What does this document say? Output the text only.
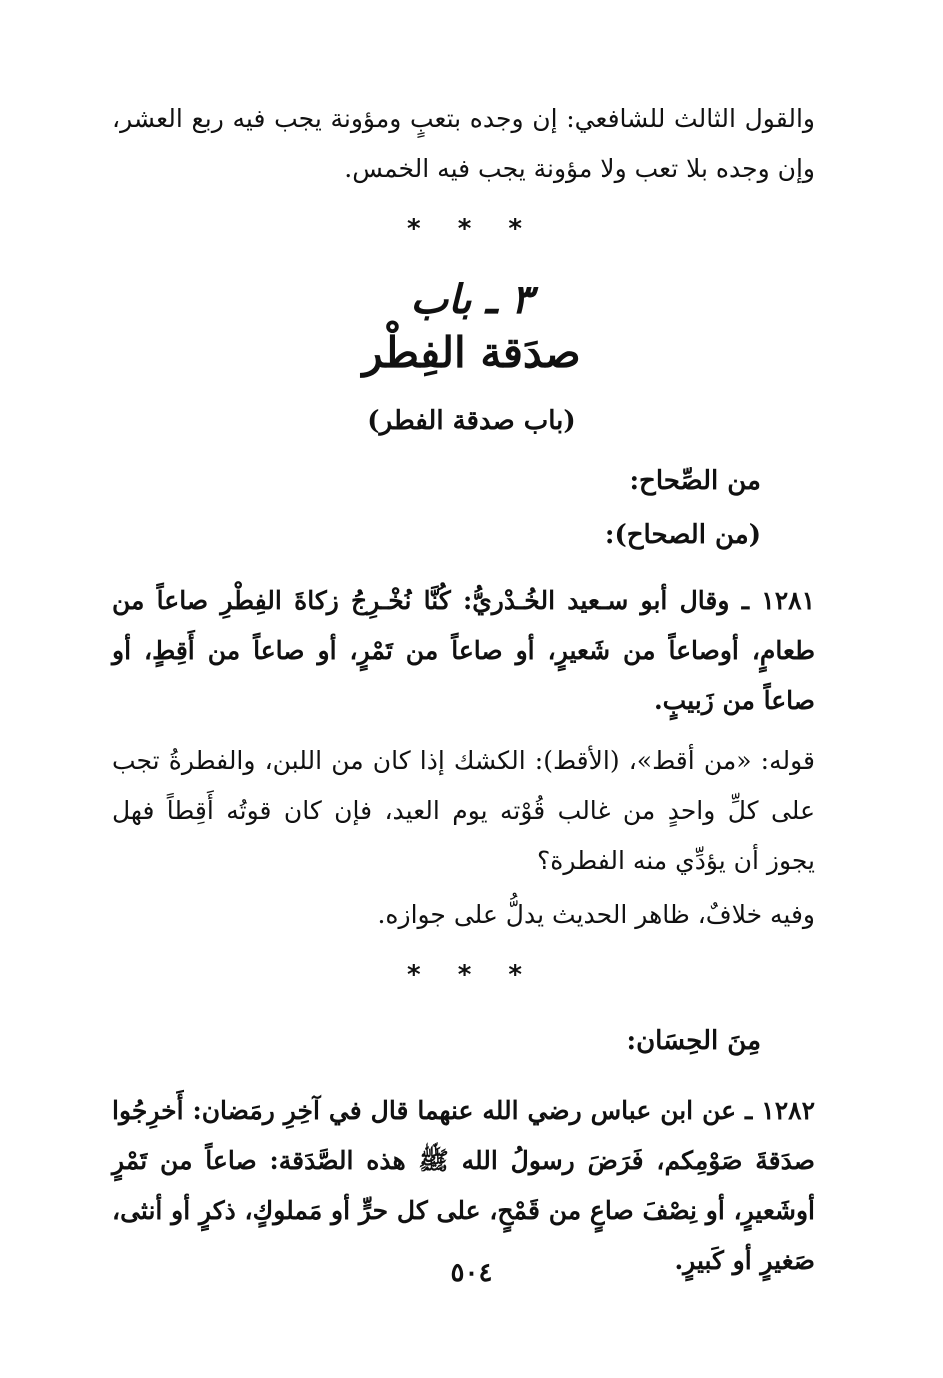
والقول الثالث للشافعي: إن وجده بتعبٍ ومؤونة يجب فيه ربع العشر، وإن وجده بلا تعب ولا مؤونة يجب فيه الخمس.
* * *
٣ ـ باب
صدَقة الفِطْر
(باب صدقة الفطر)
من الصِّحاح:
(من الصحاح):
١٢٨١ ـ وقال أبو سـعيد الخُـدْريُّ: كُنَّا نُخْـرِجُ زكاةَ الفِطْرِ صاعاً من طعامٍ، أوصاعاً من شَعيرٍ، أو صاعاً من تَمْرٍ، أو صاعاً من أَقِطٍ، أو صاعاً من زَبيبٍ.
قوله: «من أقط»، (الأقط): الكشك إذا كان من اللبن، والفطرةُ تجب على كلِّ واحدٍ من غالب قُوْته يوم العيد، فإن كان قوتُه أَقِطاً فهل يجوز أن يؤدِّي منه الفطرة؟
وفيه خلافٌ، ظاهر الحديث يدلُّ على جوازه.
* * *
مِنَ الحِسَان:
١٢٨٢ ـ عن ابن عباس رضي الله عنهما قال في آخِرِ رمَضان: أَخرِجُوا صدَقةَ صَوْمِكم، فَرَضَ رسولُ الله ﷺ هذه الصَّدَقة: صاعاً من تَمْرٍ أوشَعيرٍ، أو نِصْفَ صاعٍ من قَمْحٍ، على كل حرٍّ أو مَملوكٍ، ذكرٍ أو أنثى، صَغيرٍ أو كَبيرٍ.
٥٠٤
